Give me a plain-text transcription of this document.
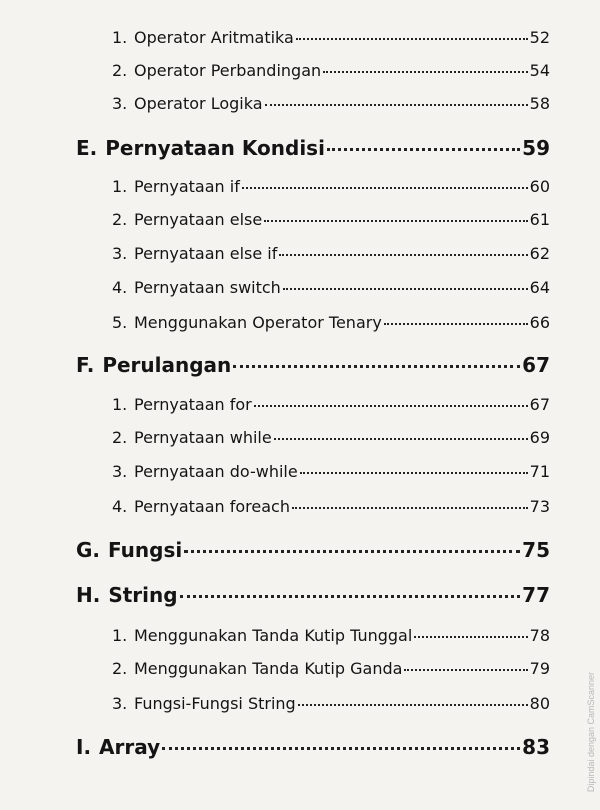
1. Operator Aritmatika	52
2. Operator Perbandingan	54
3. Operator Logika	58
E. Pernyataan Kondisi	59
1. Pernyataan if	60
2. Pernyataan else	61
3. Pernyataan else if	62
4. Pernyataan switch	64
5. Menggunakan Operator Tenary	66
F. Perulangan	67
1. Pernyataan for	67
2. Pernyataan while	69
3. Pernyataan do-while	71
4. Pernyataan foreach	73
G. Fungsi	75
H. String	77
1. Menggunakan Tanda Kutip Tunggal	78
2. Menggunakan Tanda Kutip Ganda	79
3. Fungsi-Fungsi String	80
I. Array	83	Dipindai dengan CamScanner
